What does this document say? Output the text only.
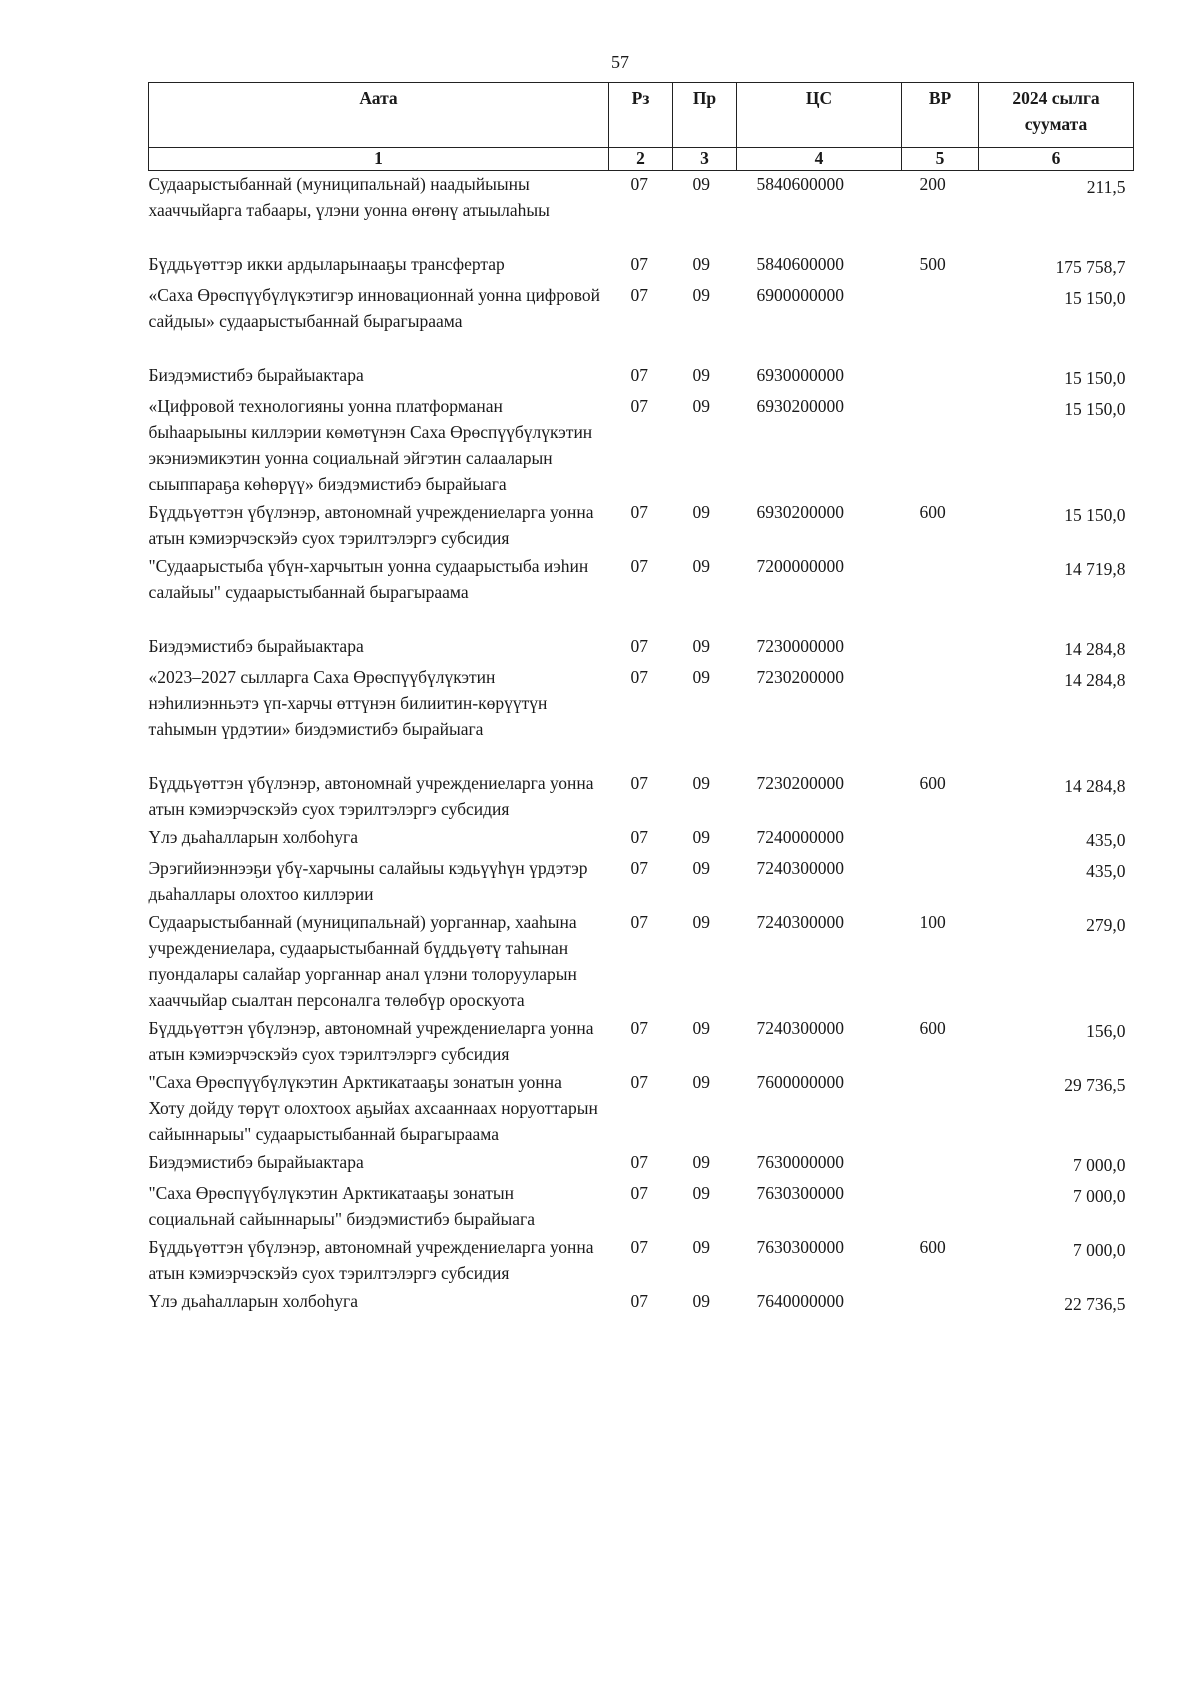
57
Аата	Рз	Пр	ЦС	ВР	2024 сылга суумата
1	2	3	4	5	6
Судаарыстыбаннай (муниципальнай) наадыйыыны хааччыйарга табаары, үлэни уонна өҥөнү атыылаһыы	07	09	5840600000	200	211,5
Бүддьүөттэр икки ардыларынааҕы трансфертар	07	09	5840600000	500	175 758,7
«Саха Өрөспүүбүлүкэтигэр инновационнай уонна цифровой сайдыы» судаарыстыбаннай бырагыраама	07	09	6900000000		15 150,0
Биэдэмистибэ бырайыактара	07	09	6930000000		15 150,0
«Цифровой технологияны уонна платформанан быһаарыыны киллэрии көмөтүнэн Саха Өрөспүүбүлүкэтин экэниэмикэтин уонна социальнай эйгэтин салааларын сыыппараҕа көһөрүү» биэдэмистибэ бырайыага	07	09	6930200000		15 150,0
Бүддьүөттэн үбүлэнэр, автономнай учреждениеларга уонна атын кэмиэрчэскэйэ суох тэрилтэлэргэ субсидия	07	09	6930200000	600	15 150,0
"Судаарыстыба үбүн-харчытын уонна судаарыстыба иэһин салайыы" судаарыстыбаннай бырагыраама	07	09	7200000000		14 719,8
Биэдэмистибэ бырайыактара	07	09	7230000000		14 284,8
«2023–2027 сылларга Саха Өрөспүүбүлүкэтин нэһилиэнньэтэ үп-харчы өттүнэн билиитин-көрүүтүн таһымын үрдэтии» биэдэмистибэ бырайыага	07	09	7230200000		14 284,8
Бүддьүөттэн үбүлэнэр, автономнай учреждениеларга уонна атын кэмиэрчэскэйэ суох тэрилтэлэргэ субсидия	07	09	7230200000	600	14 284,8
Үлэ дьаһалларын холбоһуга	07	09	7240000000		435,0
Эрэгийиэннээҕи үбү-харчыны салайыы кэдьүүһүн үрдэтэр дьаһаллары олохтоо киллэрии	07	09	7240300000		435,0
Судаарыстыбаннай (муниципальнай) уорганнар, хааһына учреждениелара, судаарыстыбаннай бүддьүөтү таһынан пуондалары салайар уорганнар анал үлэни толорууларын хааччыйар сыалтан персоналга төлөбүр ороскуота	07	09	7240300000	100	279,0
Бүддьүөттэн үбүлэнэр, автономнай учреждениеларга уонна атын кэмиэрчэскэйэ суох тэрилтэлэргэ субсидия	07	09	7240300000	600	156,0
"Саха Өрөспүүбүлүкэтин Арктикатааҕы зонатын уонна Хоту дойду төрүт олохтоох аҕыйах ахсааннаах норуоттарын сайыннарыы" судаарыстыбаннай бырагыраама	07	09	7600000000		29 736,5
Биэдэмистибэ бырайыактара	07	09	7630000000		7 000,0
"Саха Өрөспүүбүлүкэтин Арктикатааҕы зонатын социальнай сайыннарыы" биэдэмистибэ бырайыага	07	09	7630300000		7 000,0
Бүддьүөттэн үбүлэнэр, автономнай учреждениеларга уонна атын кэмиэрчэскэйэ суох тэрилтэлэргэ субсидия	07	09	7630300000	600	7 000,0
Үлэ дьаһалларын холбоһуга	07	09	7640000000		22 736,5
